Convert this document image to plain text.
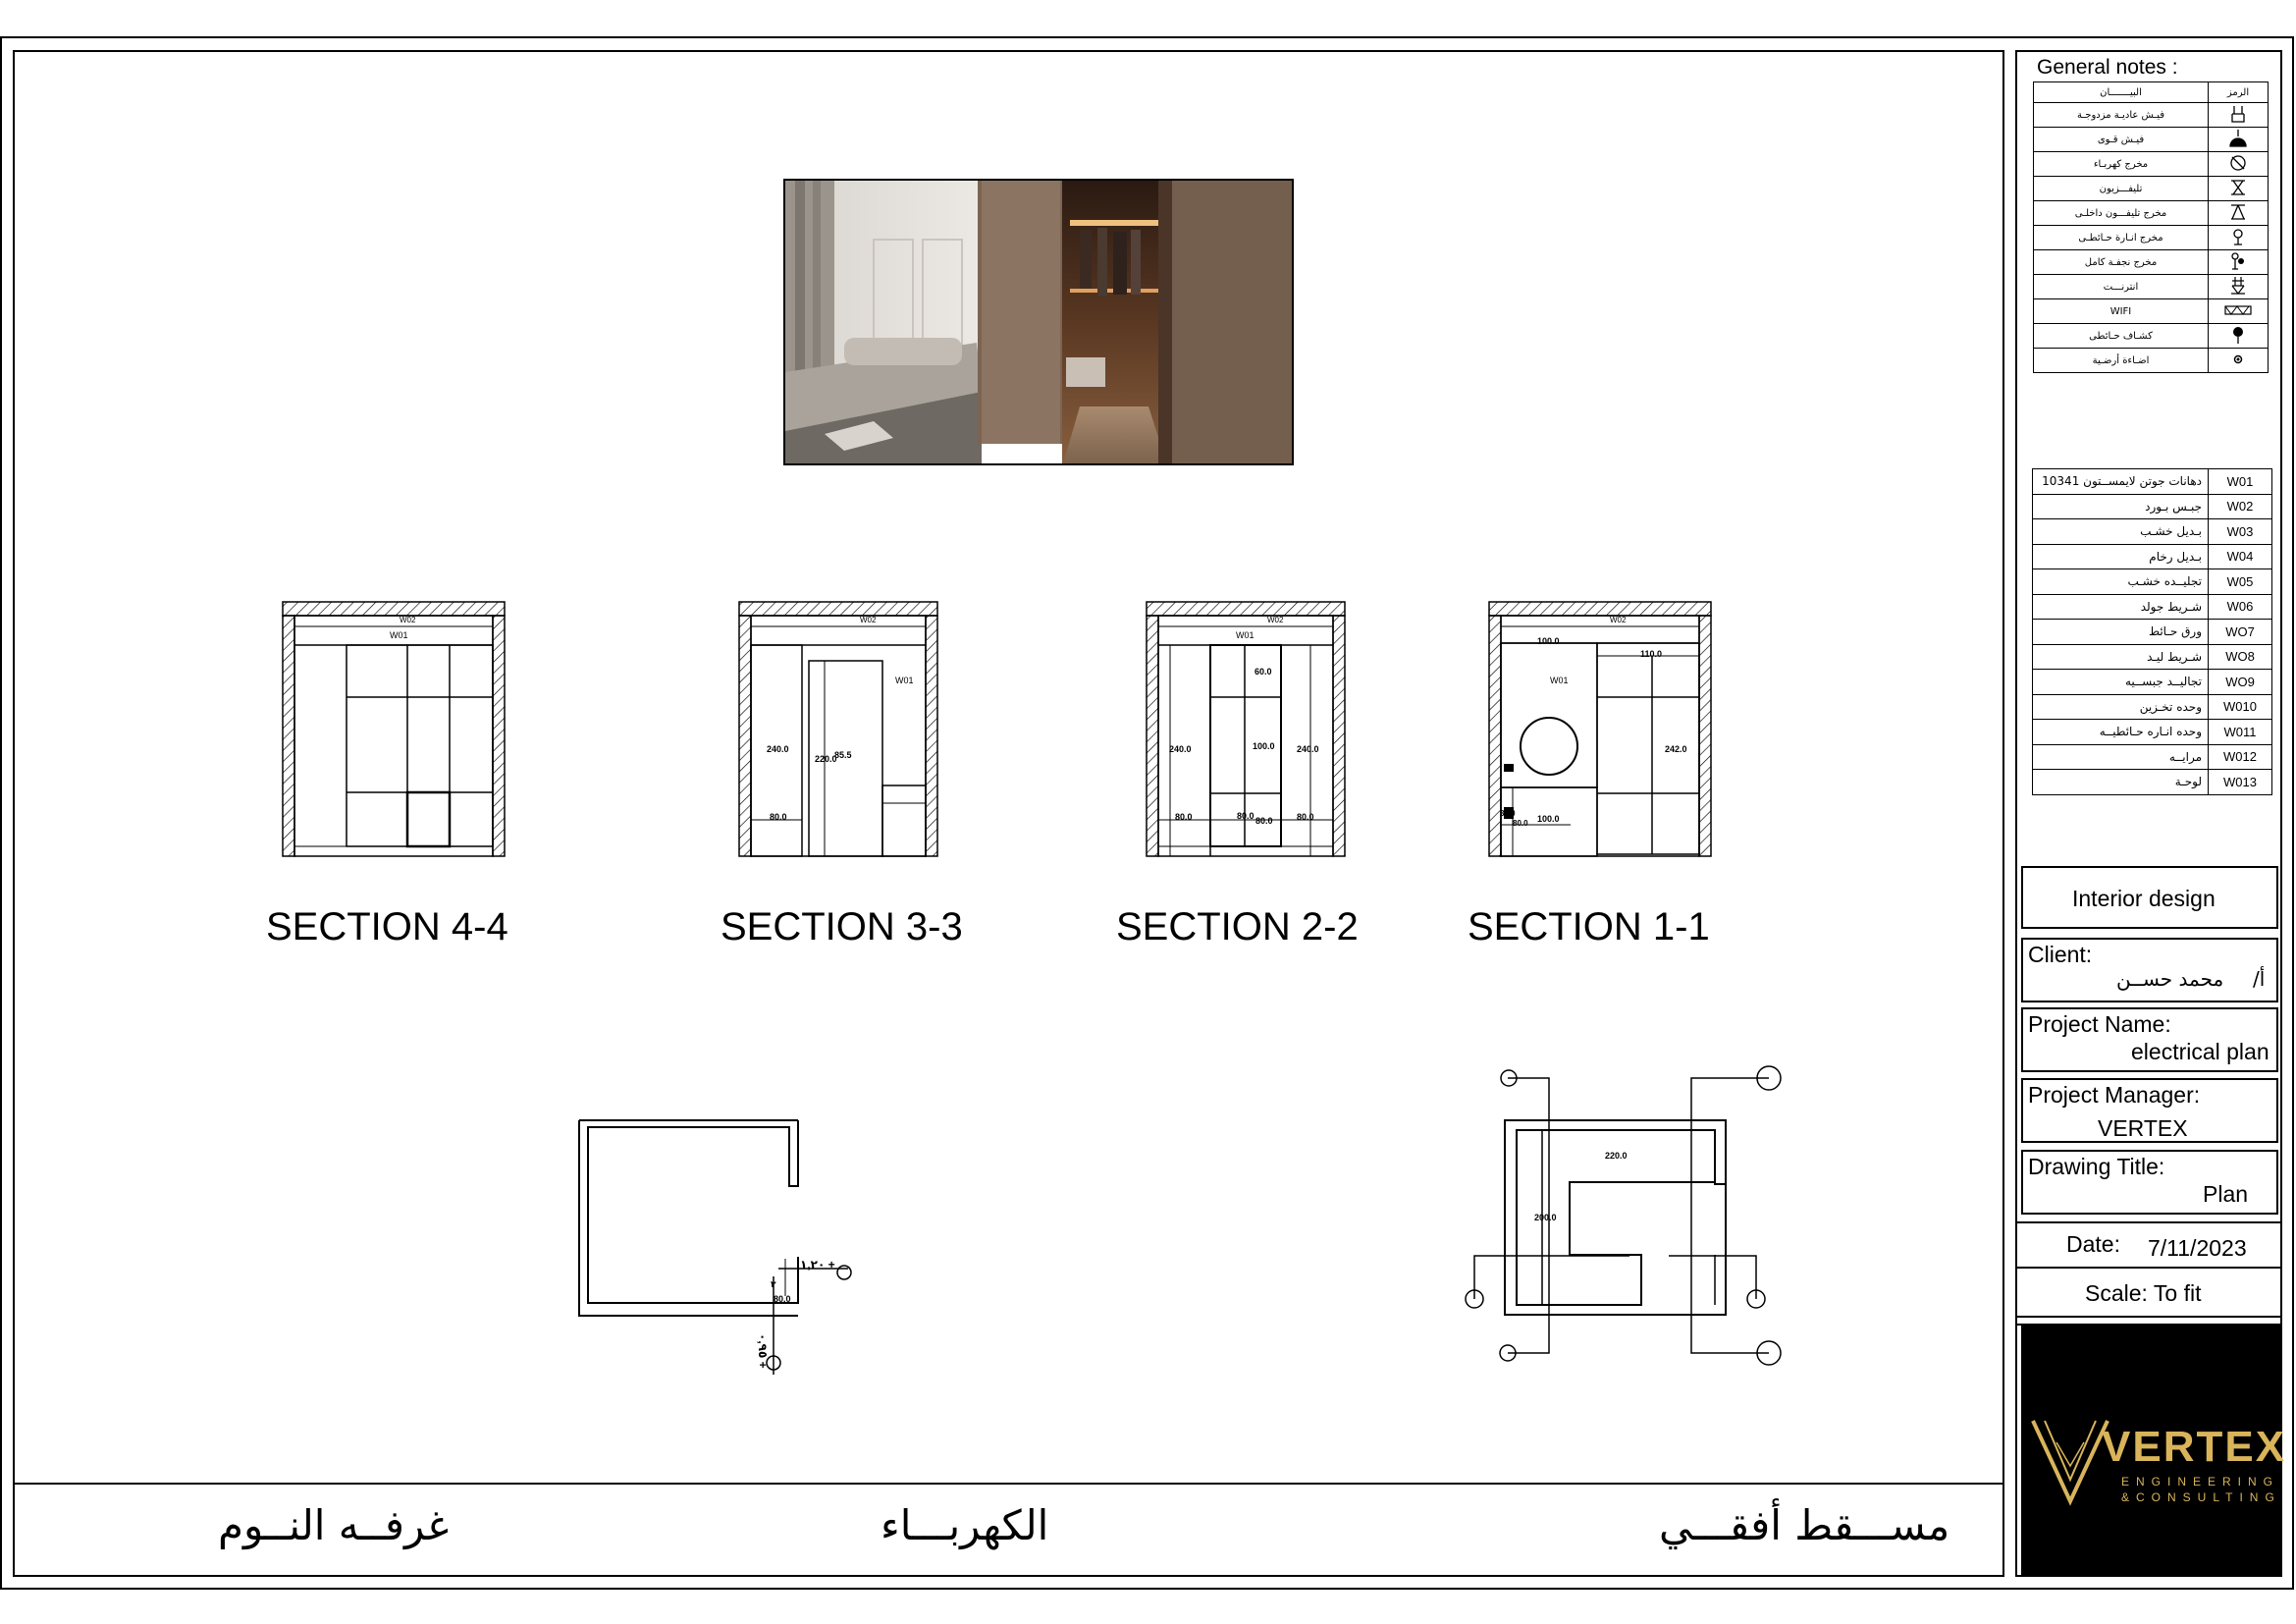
W02
W01
W02
W01
240.0
220.0
85.5
80.0
W02
W01
60.0
240.0	100.0 240.0
80.0	80.0 80.0	80.0
W02
W01
100.0
110.0
242.0
35.0
100.0
80.0
SECTION 4-4	SECTION 3-3	SECTION 2-2	SECTION 1-1
١,٢٠ +
٠,٩٥ +
80.0
٣
220.0
200.0
غرفــه النــوم	الكهربـــاء	مســـقط أفقـــي
General notes :
البيـــــــان	الرمز
فيـش عاديـة مزدوجـة	
فيـش قـوى	
مخرج كهربـاء	
تليفـــزيون	
مخرج تليفـــون داخلـى	
مخرج انـارة حـائطـى	
مخرج نجفـة كامل	
انترنـــت	
WIFI	
كشـاف حـائطى	
اضـاءة أرضـية	
دهانات جوتن لايمســتون 10341	W01
جبـس بـورد	W02
بـديل خشـب	W03
بـديل رخام	W04
تجليــده خشـب	W05
شـريط جولد	W06
ورق حـائط	WO7
شـريط ليـد	WO8
تجاليــد جبســيه	WO9
وحده تخـزين	W010
وحده انـاره حـائطيــه	W011
مرايــه	W012
لوحـة	W013
Interior design
Client:
محمد حســن أ/
Project Name:
electrical plan
Project Manager:
VERTEX
Drawing Title:
Plan
Date: 7/11/2023
Scale: To fit
VERTEX
ENGINEERING
&CONSULTING
